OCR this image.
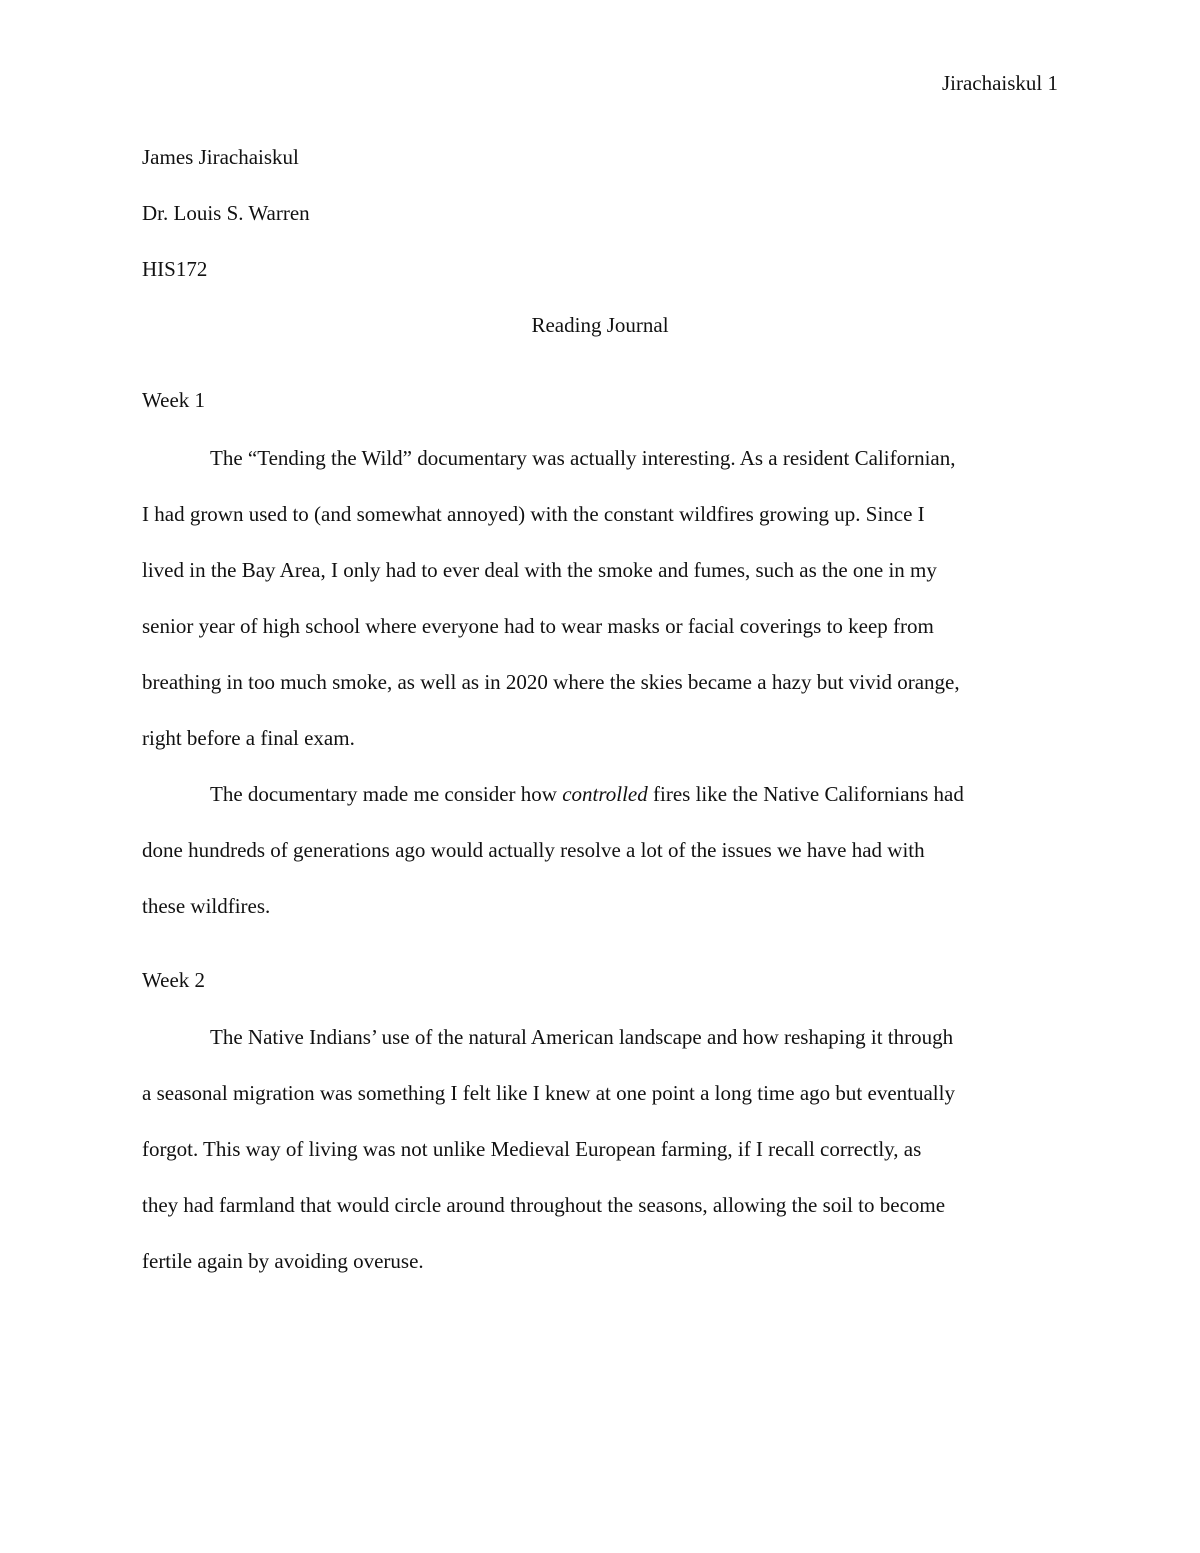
Jirachaiskul 1
James Jirachaiskul
Dr. Louis S. Warren
HIS172
Reading Journal
Week 1
The “Tending the Wild” documentary was actually interesting. As a resident Californian,
I had grown used to (and somewhat annoyed) with the constant wildfires growing up. Since I
lived in the Bay Area, I only had to ever deal with the smoke and fumes, such as the one in my
senior year of high school where everyone had to wear masks or facial coverings to keep from
breathing in too much smoke, as well as in 2020 where the skies became a hazy but vivid orange,
right before a final exam.
The documentary made me consider how controlled fires like the Native Californians had
done hundreds of generations ago would actually resolve a lot of the issues we have had with
these wildfires.
Week 2
The Native Indians’ use of the natural American landscape and how reshaping it through
a seasonal migration was something I felt like I knew at one point a long time ago but eventually
forgot. This way of living was not unlike Medieval European farming, if I recall correctly, as
they had farmland that would circle around throughout the seasons, allowing the soil to become
fertile again by avoiding overuse.
